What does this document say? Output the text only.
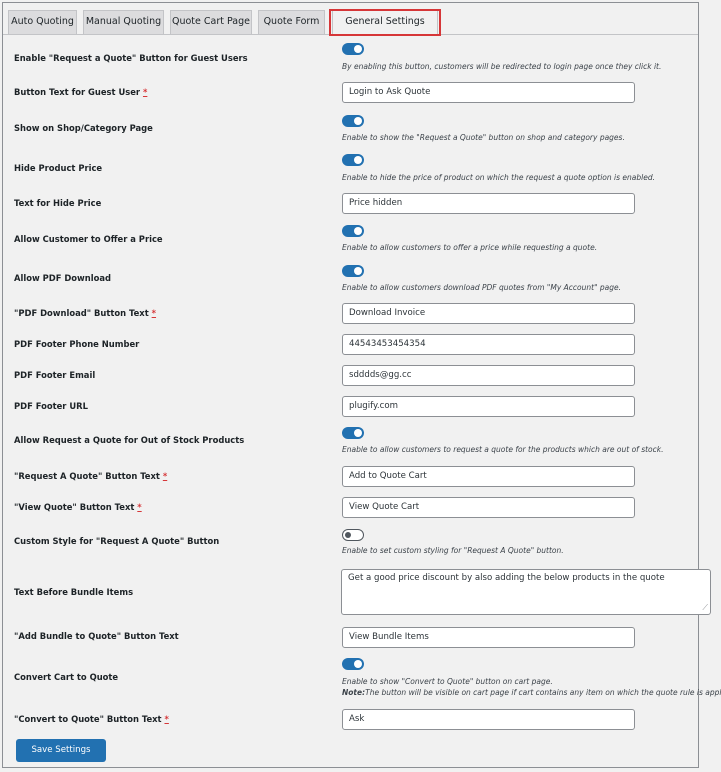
Auto Quoting	Manual Quoting	Quote Cart Page	Quote Form	General Settings
Enable "Request a Quote" Button for Guest Users
By enabling this button, customers will be redirected to login page once they click it.
Button Text for Guest User *	Login to Ask Quote
Show on Shop/Category Page
Enable to show the "Request a Quote" button on shop and category pages.
Hide Product Price
Enable to hide the price of product on which the request a quote option is enabled.
Text for Hide Price	Price hidden
Allow Customer to Offer a Price
Enable to allow customers to offer a price while requesting a quote.
Allow PDF Download
Enable to allow customers download PDF quotes from "My Account" page.
"PDF Download" Button Text *	Download Invoice
PDF Footer Phone Number	44543453454354
PDF Footer Email	sdddds@gg.cc
PDF Footer URL	plugify.com
Allow Request a Quote for Out of Stock Products
Enable to allow customers to request a quote for the products which are out of stock.
"Request A Quote" Button Text *	Add to Quote Cart
"View Quote" Button Text *	View Quote Cart
Custom Style for "Request A Quote" Button
Enable to set custom styling for "Request A Quote" button.
Text Before Bundle Items
Get a good price discount by also adding the below products in the quote
⟋
"Add Bundle to Quote" Button Text	View Bundle Items
Convert Cart to Quote	Enable to show "Convert to Quote" button on cart page.
Note:The button will be visible on cart page if cart contains any item on which the quote rule is appl
"Convert to Quote" Button Text *	Ask
Save Settings
